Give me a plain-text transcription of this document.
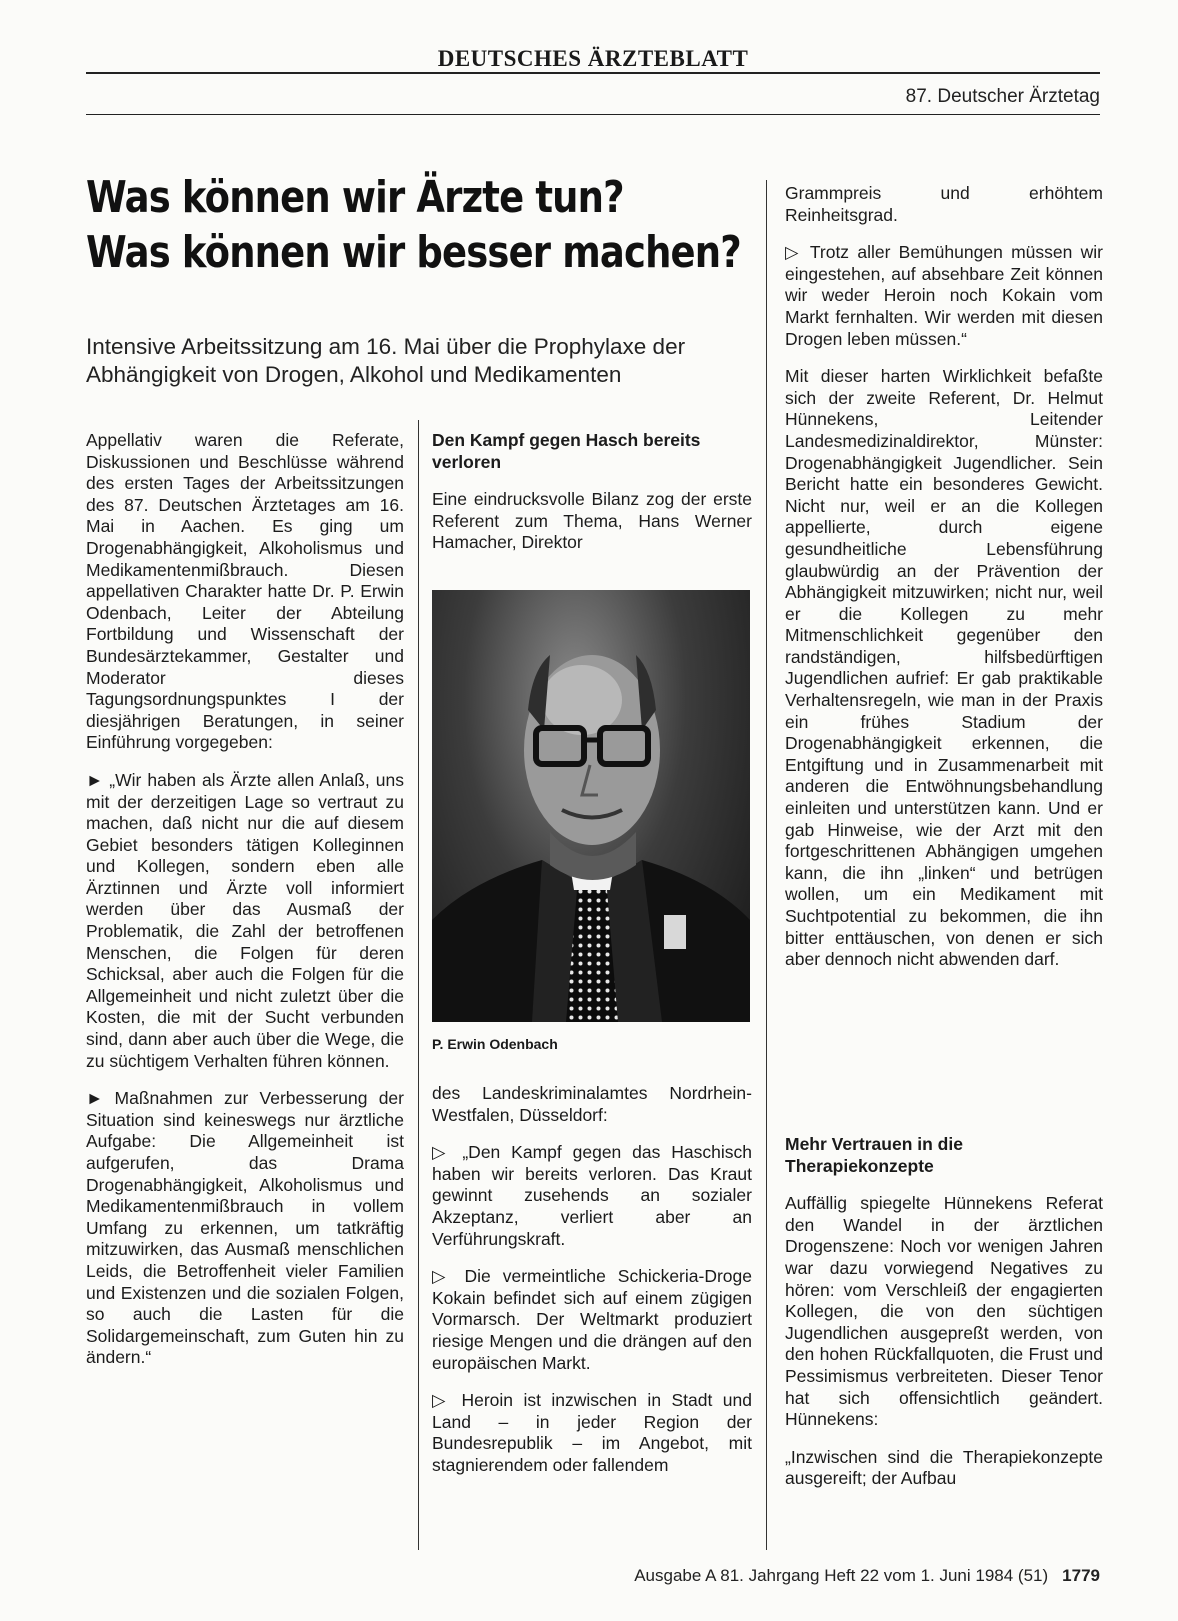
DEUTSCHES ÄRZTEBLATT
87. Deutscher Ärztetag
Was können wir Ärzte tun?
Was können wir besser machen?
Intensive Arbeitssitzung am 16. Mai über die Prophylaxe der Abhängigkeit von Drogen, Alkohol und Medikamenten

Appellativ waren die Referate, Diskussionen und Beschlüsse während des ersten Tages der Arbeitssitzungen des 87. Deutschen Ärztetages am 16. Mai in Aachen. Es ging um Drogenabhängigkeit, Alkoholismus und Medikamentenmißbrauch. Diesen appellativen Charakter hatte Dr. P. Erwin Odenbach, Leiter der Abteilung Fortbildung und Wissenschaft der Bundesärztekammer, Gestalter und Moderator dieses Tagungsordnungspunktes I der diesjährigen Beratungen, in seiner Einführung vorgegeben:

► „Wir haben als Ärzte allen Anlaß, uns mit der derzeitigen Lage so vertraut zu machen, daß nicht nur die auf diesem Gebiet besonders tätigen Kolleginnen und Kollegen, sondern eben alle Ärztinnen und Ärzte voll informiert werden über das Ausmaß der Problematik, die Zahl der betroffenen Menschen, die Folgen für deren Schicksal, aber auch die Folgen für die Allgemeinheit und nicht zuletzt über die Kosten, die mit der Sucht verbunden sind, dann aber auch über die Wege, die zu süchtigem Verhalten führen können.

► Maßnahmen zur Verbesserung der Situation sind keineswegs nur ärztliche Aufgabe: Die Allgemeinheit ist aufgerufen, das Drama Drogenabhängigkeit, Alkoholismus und Medikamentenmißbrauch in vollem Umfang zu erkennen, um tatkräftig mitzuwirken, das Ausmaß menschlichen Leids, die Betroffenheit vieler Familien und Existenzen und die sozialen Folgen, so auch die Lasten für die Solidargemeinschaft, zum Guten hin zu ändern.“

Den Kampf gegen Hasch bereits verloren

Eine eindrucksvolle Bilanz zog der erste Referent zum Thema, Hans Werner Hamacher, Direktor

P. Erwin Odenbach

des Landeskriminalamtes Nordrhein-Westfalen, Düsseldorf:

▷ „Den Kampf gegen das Haschisch haben wir bereits verloren. Das Kraut gewinnt zusehends an sozialer Akzeptanz, verliert aber an Verführungskraft.

▷ Die vermeintliche Schickeria-Droge Kokain befindet sich auf einem zügigen Vormarsch. Der Weltmarkt produziert riesige Mengen und die drängen auf den europäischen Markt.

▷ Heroin ist inzwischen in Stadt und Land – in jeder Region der Bundesrepublik – im Angebot, mit stagnierendem oder fallendem

Grammpreis und erhöhtem Reinheitsgrad.

▷ Trotz aller Bemühungen müssen wir eingestehen, auf absehbare Zeit können wir weder Heroin noch Kokain vom Markt fernhalten. Wir werden mit diesen Drogen leben müssen.“

Mit dieser harten Wirklichkeit befaßte sich der zweite Referent, Dr. Helmut Hünnekens, Leitender Landesmedizinaldirektor, Münster: Drogenabhängigkeit Jugendlicher. Sein Bericht hatte ein besonderes Gewicht. Nicht nur, weil er an die Kollegen appellierte, durch eigene gesundheitliche Lebensführung glaubwürdig an der Prävention der Abhängigkeit mitzuwirken; nicht nur, weil er die Kollegen zu mehr Mitmenschlichkeit gegenüber den randständigen, hilfsbedürftigen Jugendlichen aufrief: Er gab praktikable Verhaltensregeln, wie man in der Praxis ein frühes Stadium der Drogenabhängigkeit erkennen, die Entgiftung und in Zusammenarbeit mit anderen die Entwöhnungsbehandlung einleiten und unterstützen kann. Und er gab Hinweise, wie der Arzt mit den fortgeschrittenen Abhängigen umgehen kann, die ihn „linken“ und betrügen wollen, um ein Medikament mit Suchtpotential zu bekommen, die ihn bitter enttäuschen, von denen er sich aber dennoch nicht abwenden darf.

Mehr Vertrauen in die Therapiekonzepte

Auffällig spiegelte Hünnekens Referat den Wandel in der ärztlichen Drogenszene: Noch vor wenigen Jahren war dazu vorwiegend Negatives zu hören: vom Verschleiß der engagierten Kollegen, die von den süchtigen Jugendlichen ausgepreßt werden, von den hohen Rückfallquoten, die Frust und Pessimismus verbreiteten. Dieser Tenor hat sich offensichtlich geändert. Hünnekens:

„Inzwischen sind die Therapiekonzepte ausgereift; der Aufbau

Ausgabe A 81. Jahrgang Heft 22 vom 1. Juni 1984 (51) 1779
